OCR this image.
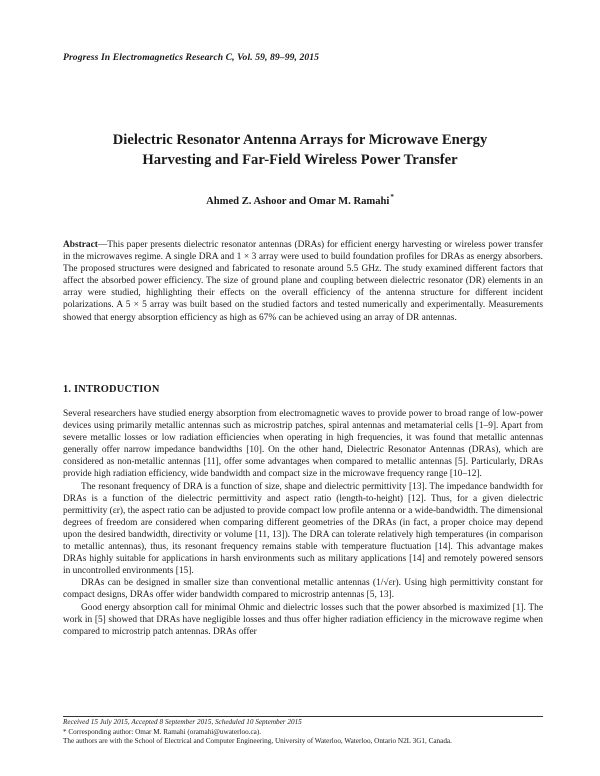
Progress In Electromagnetics Research C, Vol. 59, 89–99, 2015
Dielectric Resonator Antenna Arrays for Microwave Energy
Harvesting and Far-Field Wireless Power Transfer
Ahmed Z. Ashoor and Omar M. Ramahi*
Abstract—This paper presents dielectric resonator antennas (DRAs) for efficient energy harvesting or wireless power transfer in the microwaves regime. A single DRA and 1 × 3 array were used to build foundation profiles for DRAs as energy absorbers. The proposed structures were designed and fabricated to resonate around 5.5 GHz. The study examined different factors that affect the absorbed power efficiency. The size of ground plane and coupling between dielectric resonator (DR) elements in an array were studied, highlighting their effects on the overall efficiency of the antenna structure for different incident polarizations. A 5 × 5 array was built based on the studied factors and tested numerically and experimentally. Measurements showed that energy absorption efficiency as high as 67% can be achieved using an array of DR antennas.
1. INTRODUCTION

Several researchers have studied energy absorption from electromagnetic waves to provide power to broad range of low-power devices using primarily metallic antennas such as microstrip patches, spiral antennas and metamaterial cells [1–9]. Apart from severe metallic losses or low radiation efficiencies when operating in high frequencies, it was found that metallic antennas generally offer narrow impedance bandwidths [10]. On the other hand, Dielectric Resonator Antennas (DRAs), which are considered as non-metallic antennas [11], offer some advantages when compared to metallic antennas [5]. Particularly, DRAs provide high radiation efficiency, wide bandwidth and compact size in the microwave frequency range [10–12].

The resonant frequency of DRA is a function of size, shape and dielectric permittivity [13]. The impedance bandwidth for DRAs is a function of the dielectric permittivity and aspect ratio (length-to-height) [12]. Thus, for a given dielectric permittivity (εr), the aspect ratio can be adjusted to provide compact low profile antenna or a wide-bandwidth. The dimensional degrees of freedom are considered when comparing different geometries of the DRAs (in fact, a proper choice may depend upon the desired bandwidth, directivity or volume [11, 13]). The DRA can tolerate relatively high temperatures (in comparison to metallic antennas), thus, its resonant frequency remains stable with temperature fluctuation [14]. This advantage makes DRAs highly suitable for applications in harsh environments such as military applications [14] and remotely powered sensors in uncontrolled environments [15].

DRAs can be designed in smaller size than conventional metallic antennas (1/√εr). Using high permittivity constant for compact designs, DRAs offer wider bandwidth compared to microstrip antennas [5, 13].

Good energy absorption call for minimal Ohmic and dielectric losses such that the power absorbed is maximized [1]. The work in [5] showed that DRAs have negligible losses and thus offer higher radiation efficiency in the microwave regime when compared to microstrip patch antennas. DRAs offer

Received 15 July 2015, Accepted 8 September 2015, Scheduled 10 September 2015
* Corresponding author: Omar M. Ramahi (oramahi@uwaterloo.ca).
The authors are with the School of Electrical and Computer Engineering, University of Waterloo, Waterloo, Ontario N2L 3G1, Canada.
